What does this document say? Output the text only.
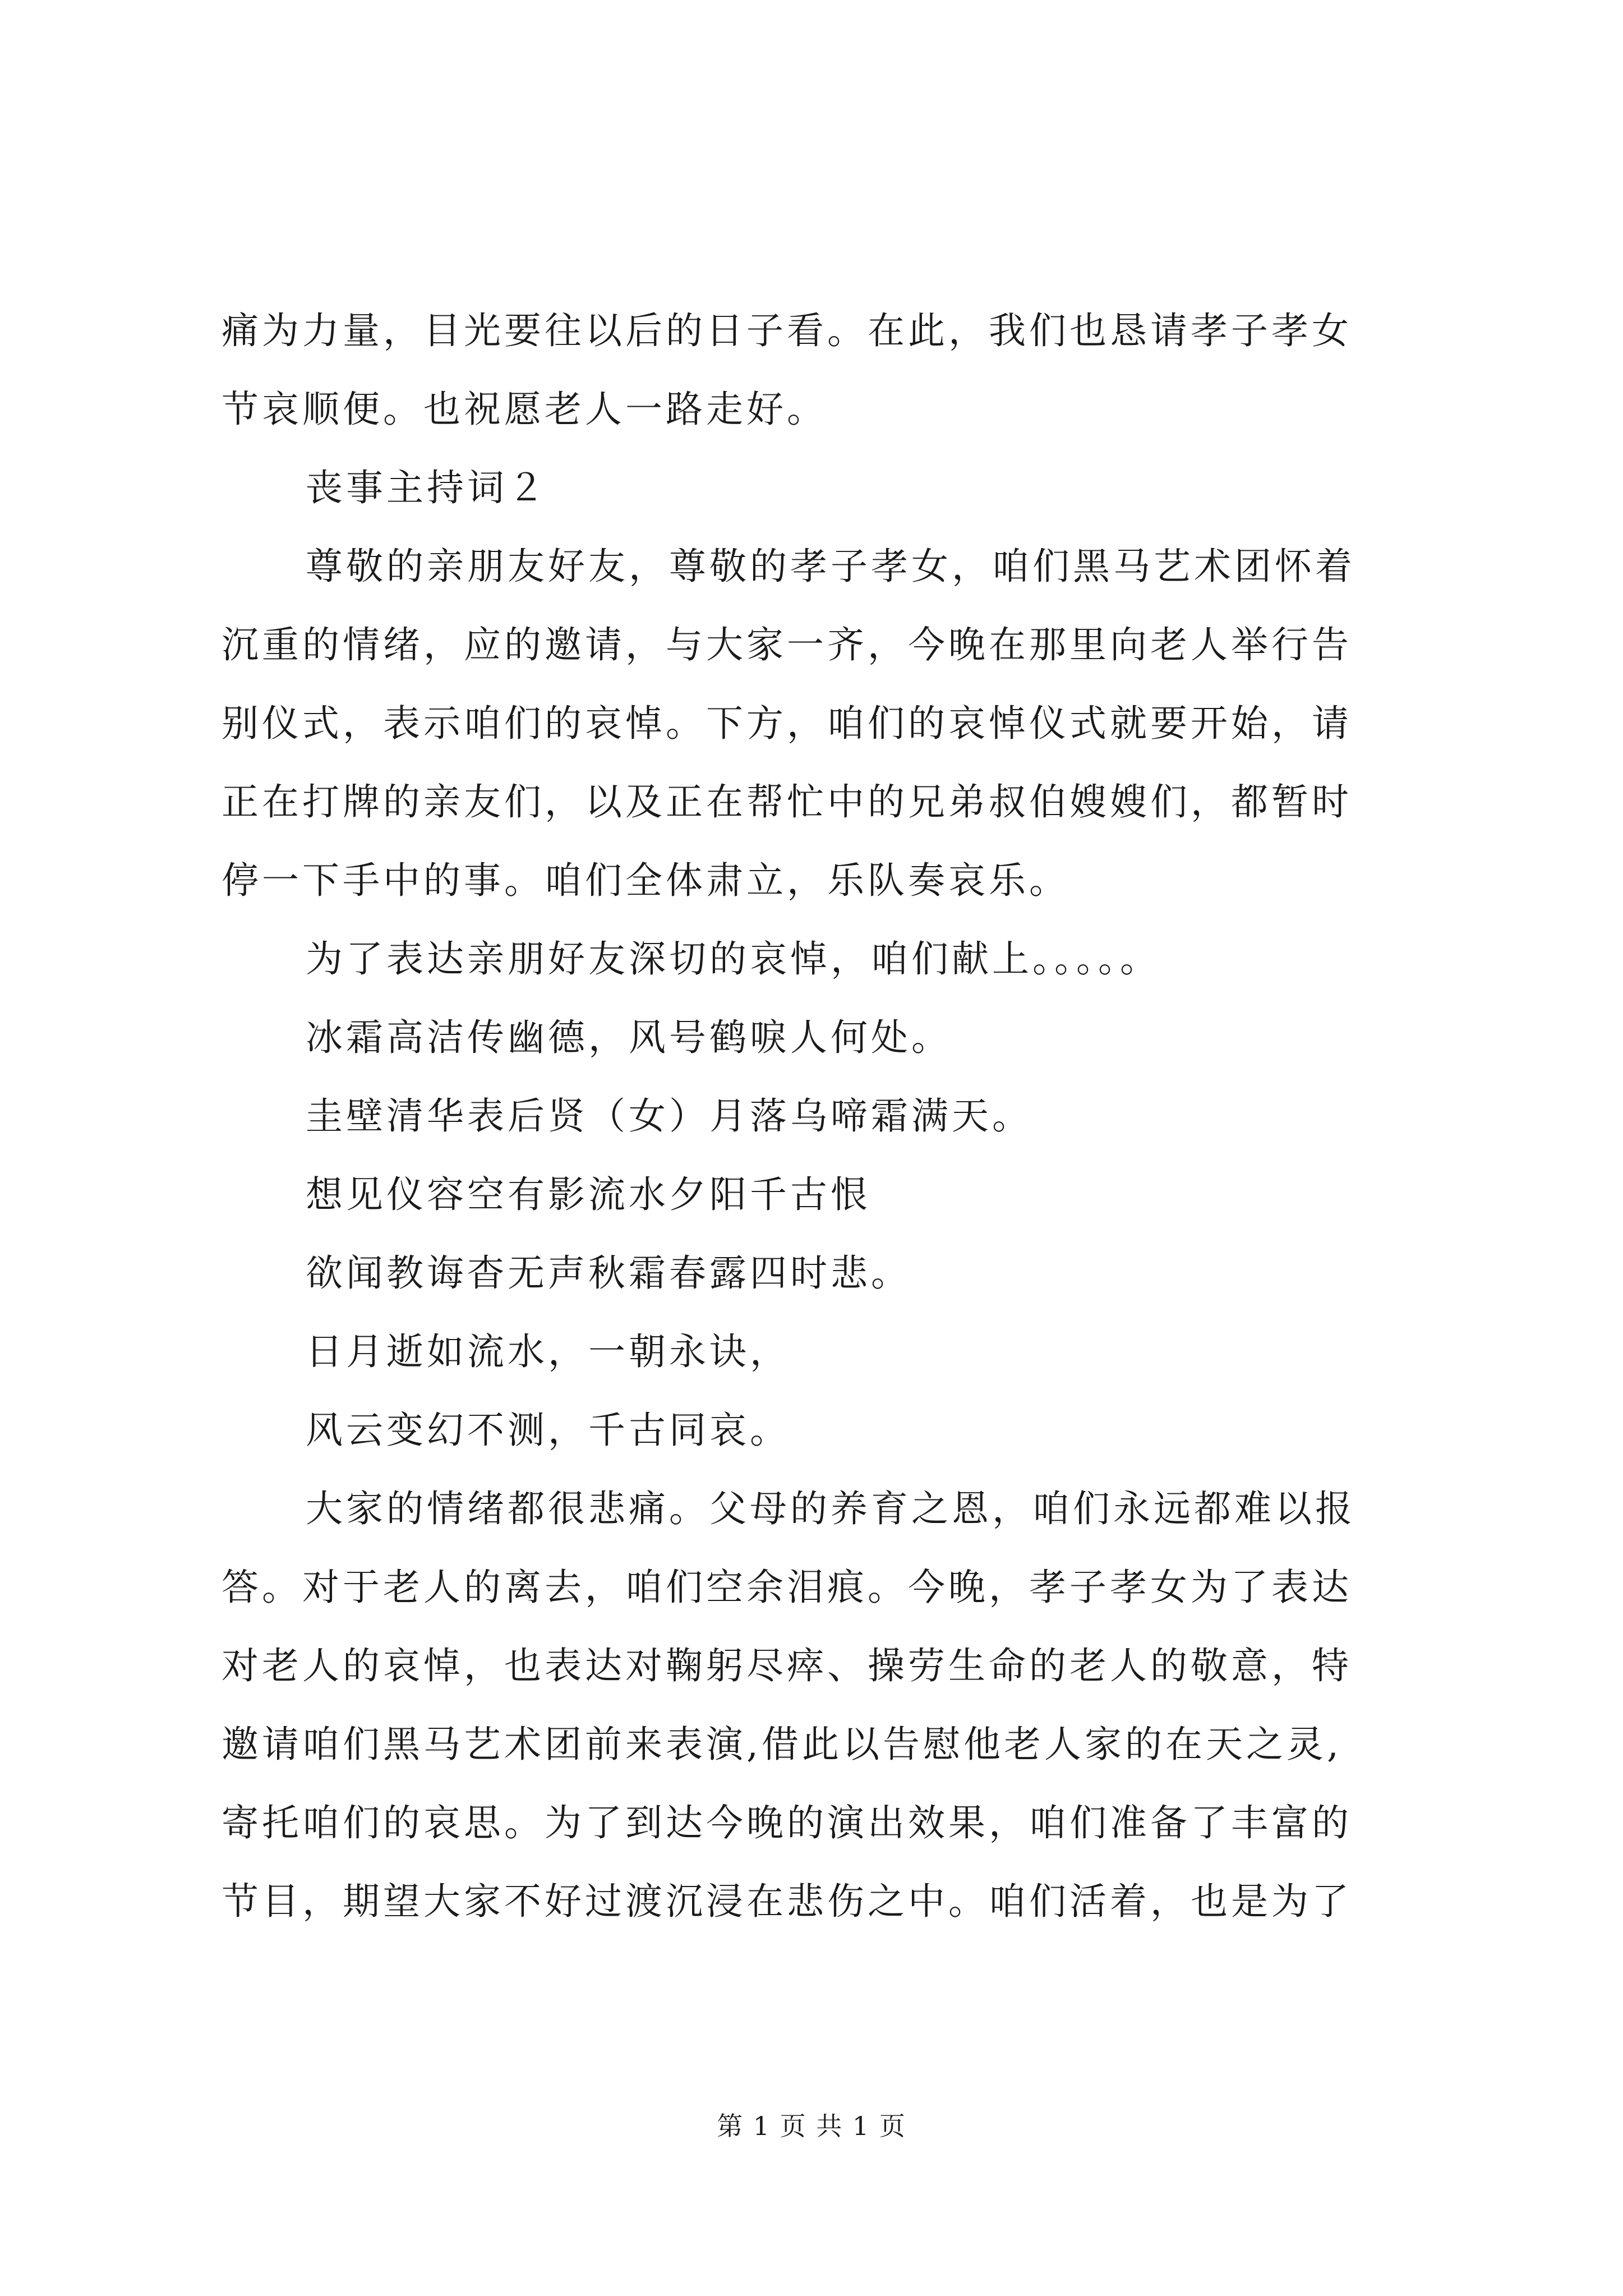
痛为力量，目光要往以后的日子看。在此，我们也恳请孝子孝女
节哀顺便。也祝愿老人一路走好。
丧事主持词２
尊敬的亲朋友好友，尊敬的孝子孝女，咱们黑马艺术团怀着
沉重的情绪，应的邀请，与大家一齐，今晚在那里向老人举行告
别仪式，表示咱们的哀悼。下方，咱们的哀悼仪式就要开始，请
正在打牌的亲友们，以及正在帮忙中的兄弟叔伯嫂嫂们，都暂时
停一下手中的事。咱们全体肃立，乐队奏哀乐。
为了表达亲朋好友深切的哀悼，咱们献上。。。。。
冰霜高洁传幽德，风号鹤唳人何处。
圭壁清华表后贤（女）月落乌啼霜满天。
想见仪容空有影流水夕阳千古恨
欲闻教诲杳无声秋霜春露四时悲。
日月逝如流水，一朝永诀，
风云变幻不测，千古同哀。
大家的情绪都很悲痛。父母的养育之恩，咱们永远都难以报
答。对于老人的离去，咱们空余泪痕。今晚，孝子孝女为了表达
对老人的哀悼，也表达对鞠躬尽瘁、操劳生命的老人的敬意，特
邀请咱们黑马艺术团前来表演,借此以告慰他老人家的在天之灵,
寄托咱们的哀思。为了到达今晚的演出效果，咱们准备了丰富的
节目，期望大家不好过渡沉浸在悲伤之中。咱们活着，也是为了
第 1 页 共 1 页
